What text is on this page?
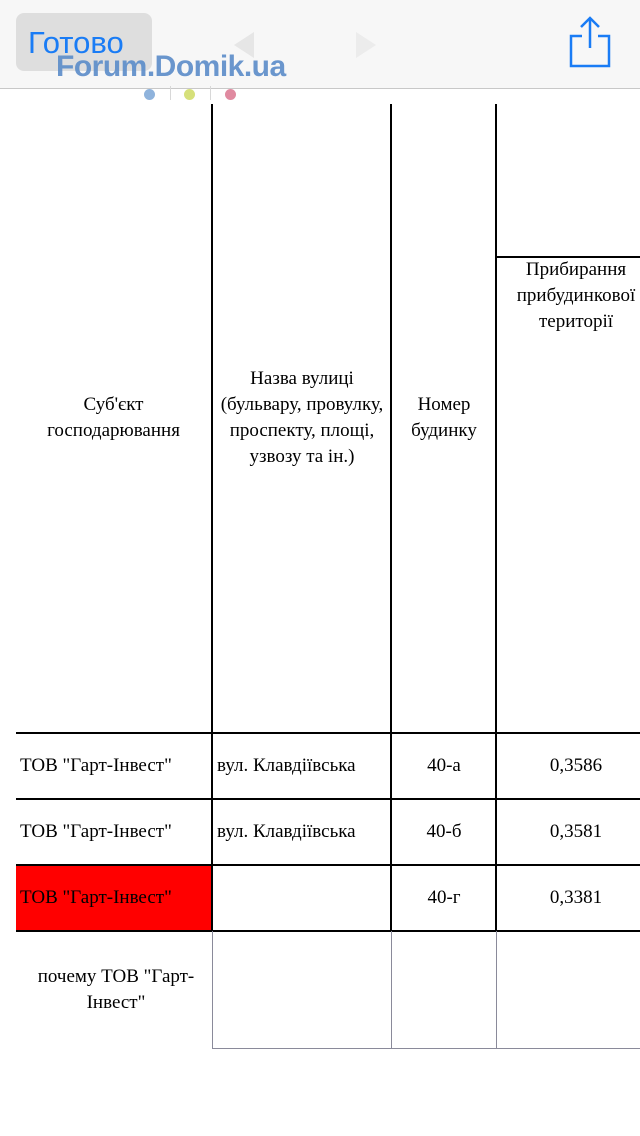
Готово
Forum.Domik.ua
Суб'єкт господарювання
Назва вулиці (бульвару, провулку, проспекту, площі, узвозу та ін.)
Номер будинку
Прибирання прибудинкової території
ТОВ "Гарт-Інвест"	вул. Клавдіївська	40-а	0,3586
ТОВ "Гарт-Інвест"	вул. Клавдіївська	40-б	0,3581
ТОВ "Гарт-Інвест"	40-г	0,3381
почему ТОВ "Гарт-Інвест"
